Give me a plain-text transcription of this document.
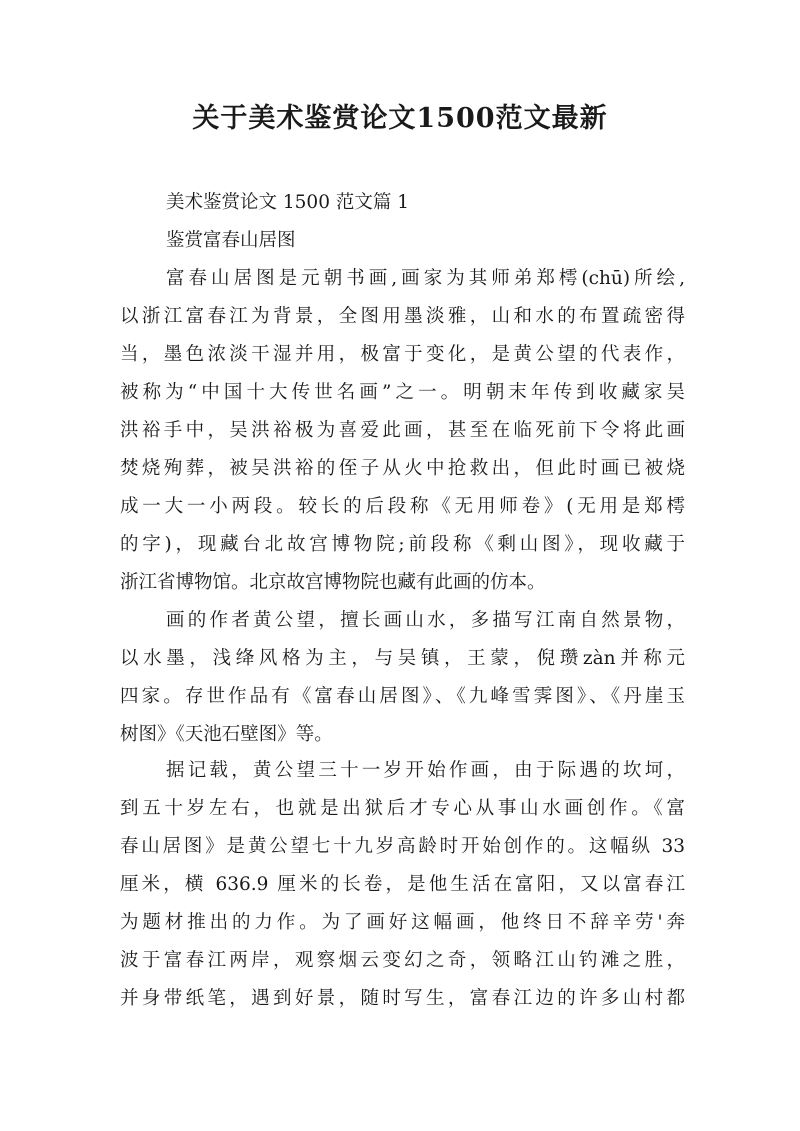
关于美术鉴赏论文1500范文最新
美术鉴赏论文 1500 范文篇 1
鉴赏富春山居图
富春山居图是元朝书画,画家为其师弟郑樗(chū)所绘,
以浙江富春江为背景，全图用墨淡雅，山和水的布置疏密得
当，墨色浓淡干湿并用，极富于变化，是黄公望的代表作，
被称为“中国十大传世名画”之一。明朝末年传到收藏家吴
洪裕手中，吴洪裕极为喜爱此画，甚至在临死前下令将此画
焚烧殉葬，被吴洪裕的侄子从火中抢救出，但此时画已被烧
成一大一小两段。较长的后段称《无用师卷》(无用是郑樗
的字)，现藏台北故宫博物院;前段称《剩山图》，现收藏于
浙江省博物馆。北京故宫博物院也藏有此画的仿本。
画的作者黄公望，擅长画山水，多描写江南自然景物，
以水墨，浅绛风格为主，与吴镇，王蒙，倪瓒zàn并称元
四家。存世作品有《富春山居图》、《九峰雪霁图》、《丹崖玉
树图》《天池石壁图》等。
据记载，黄公望三十一岁开始作画，由于际遇的坎坷，
到五十岁左右，也就是出狱后才专心从事山水画创作。《富
春山居图》是黄公望七十九岁高龄时开始创作的。这幅纵 33
厘米，横 636.9 厘米的长卷，是他生活在富阳，又以富春江
为题材推出的力作。为了画好这幅画，他终日不辞辛劳'奔
波于富春江两岸，观察烟云变幻之奇，领略江山钓滩之胜，
并身带纸笔，遇到好景，随时写生，富春江边的许多山村都
